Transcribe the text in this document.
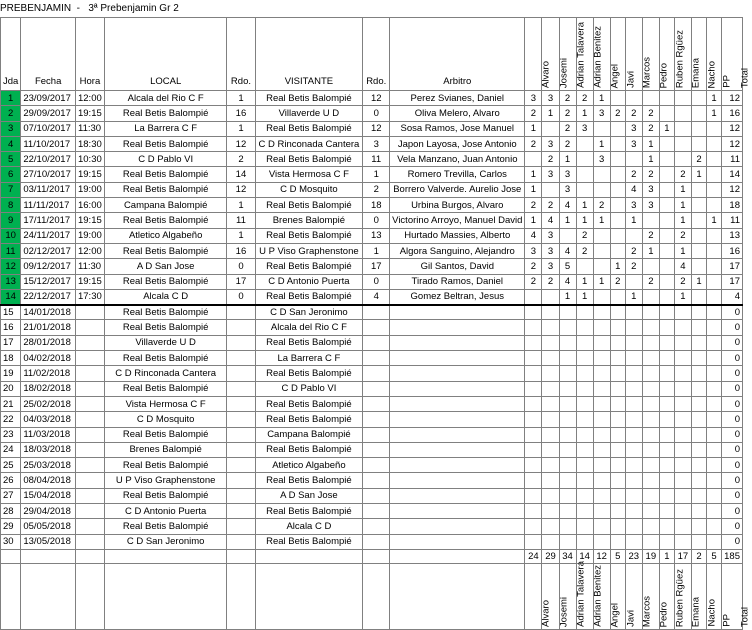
PREBENJAMIN  -   3ª Prebenjamin Gr 2
Jda	Fecha	Hora	LOCAL	Rdo.	VISITANTE	Rdo.	Arbitro	Alvaro	Josemi	Adrian Talavera	Adrian Benitez	Angel	Javi	Marcos	Pedro	Ruben Rgüez	Emana	Nacho	PP	Total

1	23/09/2017	12:00	Alcala del Rio C F	1	Real Betis Balompié	12	Perez Svianes, Daniel	3	3	2	2	1							1	12
2	29/09/2017	19:15	Real Betis Balompié	16	Villaverde U D	0	Oliva Melero, Alvaro	2	1	2	1	3	2	2	2				1	16
3	07/10/2017	11:30	La Barrera C F	1	Real Betis Balompié	12	Sosa Ramos, Jose Manuel	1		2	3			3	2	1				12
4	11/10/2017	18:30	Real Betis Balompié	12	C D Rinconada Cantera	3	Japon Layosa, Jose Antonio	2	3	2		1		3	1					12
5	22/10/2017	10:30	C D Pablo VI	2	Real Betis Balompié	11	Vela Manzano, Juan Antonio		2	1		3			1			2		11
6	27/10/2017	19:15	Real Betis Balompié	14	Vista Hermosa C F	1	Romero Trevilla, Carlos	1	3	3				2	2		2	1		14
7	03/11/2017	19:00	Real Betis Balompié	12	C D Mosquito	2	Borrero Valverde. Aurelio Jose	1		3				4	3		1			12
8	11/11/2017	16:00	Campana Balompié	1	Real Betis Balompié	18	Urbina Burgos, Alvaro	2	2	4	1	2		3	3		1			18
9	17/11/2017	19:15	Real Betis Balompié	11	Brenes Balompié	0	Victorino Arroyo, Manuel David	1	4	1	1	1		1			1		1	11
10	24/11/2017	19:00	Atletico Algabeño	1	Real Betis Balompié	13	Hurtado Massies, Alberto	4	3		2				2		2			13
11	02/12/2017	12:00	Real Betis Balompié	16	U P Viso Graphenstone	1	Algora Sanguino, Alejandro	3	3	4	2			2	1		1			16
12	09/12/2017	11:30	A D San Jose	0	Real Betis Balompié	17	Gil Santos, David	2	3	5			1	2			4			17
13	15/12/2017	19:15	Real Betis Balompié	17	C D Antonio Puerta	0	Tirado Ramos, Daniel	2	2	4	1	1	2		2		2	1		17
14	22/12/2017	17:30	Alcala C D	0	Real Betis Balompié	4	Gomez Beltran, Jesus			1	1			1			1			4
15	14/01/2018		Real Betis Balompié		C D San Jeronimo															0
16	21/01/2018		Real Betis Balompié		Alcala del Rio C F															0
17	28/01/2018		Villaverde U D		Real Betis Balompié															0
18	04/02/2018		Real Betis Balompié		La Barrera C F															0
19	11/02/2018		C D Rinconada Cantera		Real Betis Balompié															0
20	18/02/2018		Real Betis Balompié		C D Pablo VI															0
21	25/02/2018		Vista Hermosa C F		Real Betis Balompié															0
22	04/03/2018		C D Mosquito		Real Betis Balompié															0
23	11/03/2018		Real Betis Balompié		Campana Balompié															0
24	18/03/2018		Brenes Balompié		Real Betis Balompié															0
25	25/03/2018		Real Betis Balompié		Atletico Algabeño															0
26	08/04/2018		U P Viso Graphenstone		Real Betis Balompié															0
27	15/04/2018		Real Betis Balompié		A D San Jose															0
28	29/04/2018		C D Antonio Puerta		Real Betis Balompié															0
29	05/05/2018		Real Betis Balompié		Alcala C D															0
30	13/05/2018		C D San Jeronimo		Real Betis Balompié															0
								24	29	34	14	12	5	23	19	1	17	2	5	185

								Alvaro	Josemi	Adrian Talavera	Adrian Benitez	Angel	Javi	Marcos	Pedro	Ruben Rgüez	Emana	Nacho	PP	Total
